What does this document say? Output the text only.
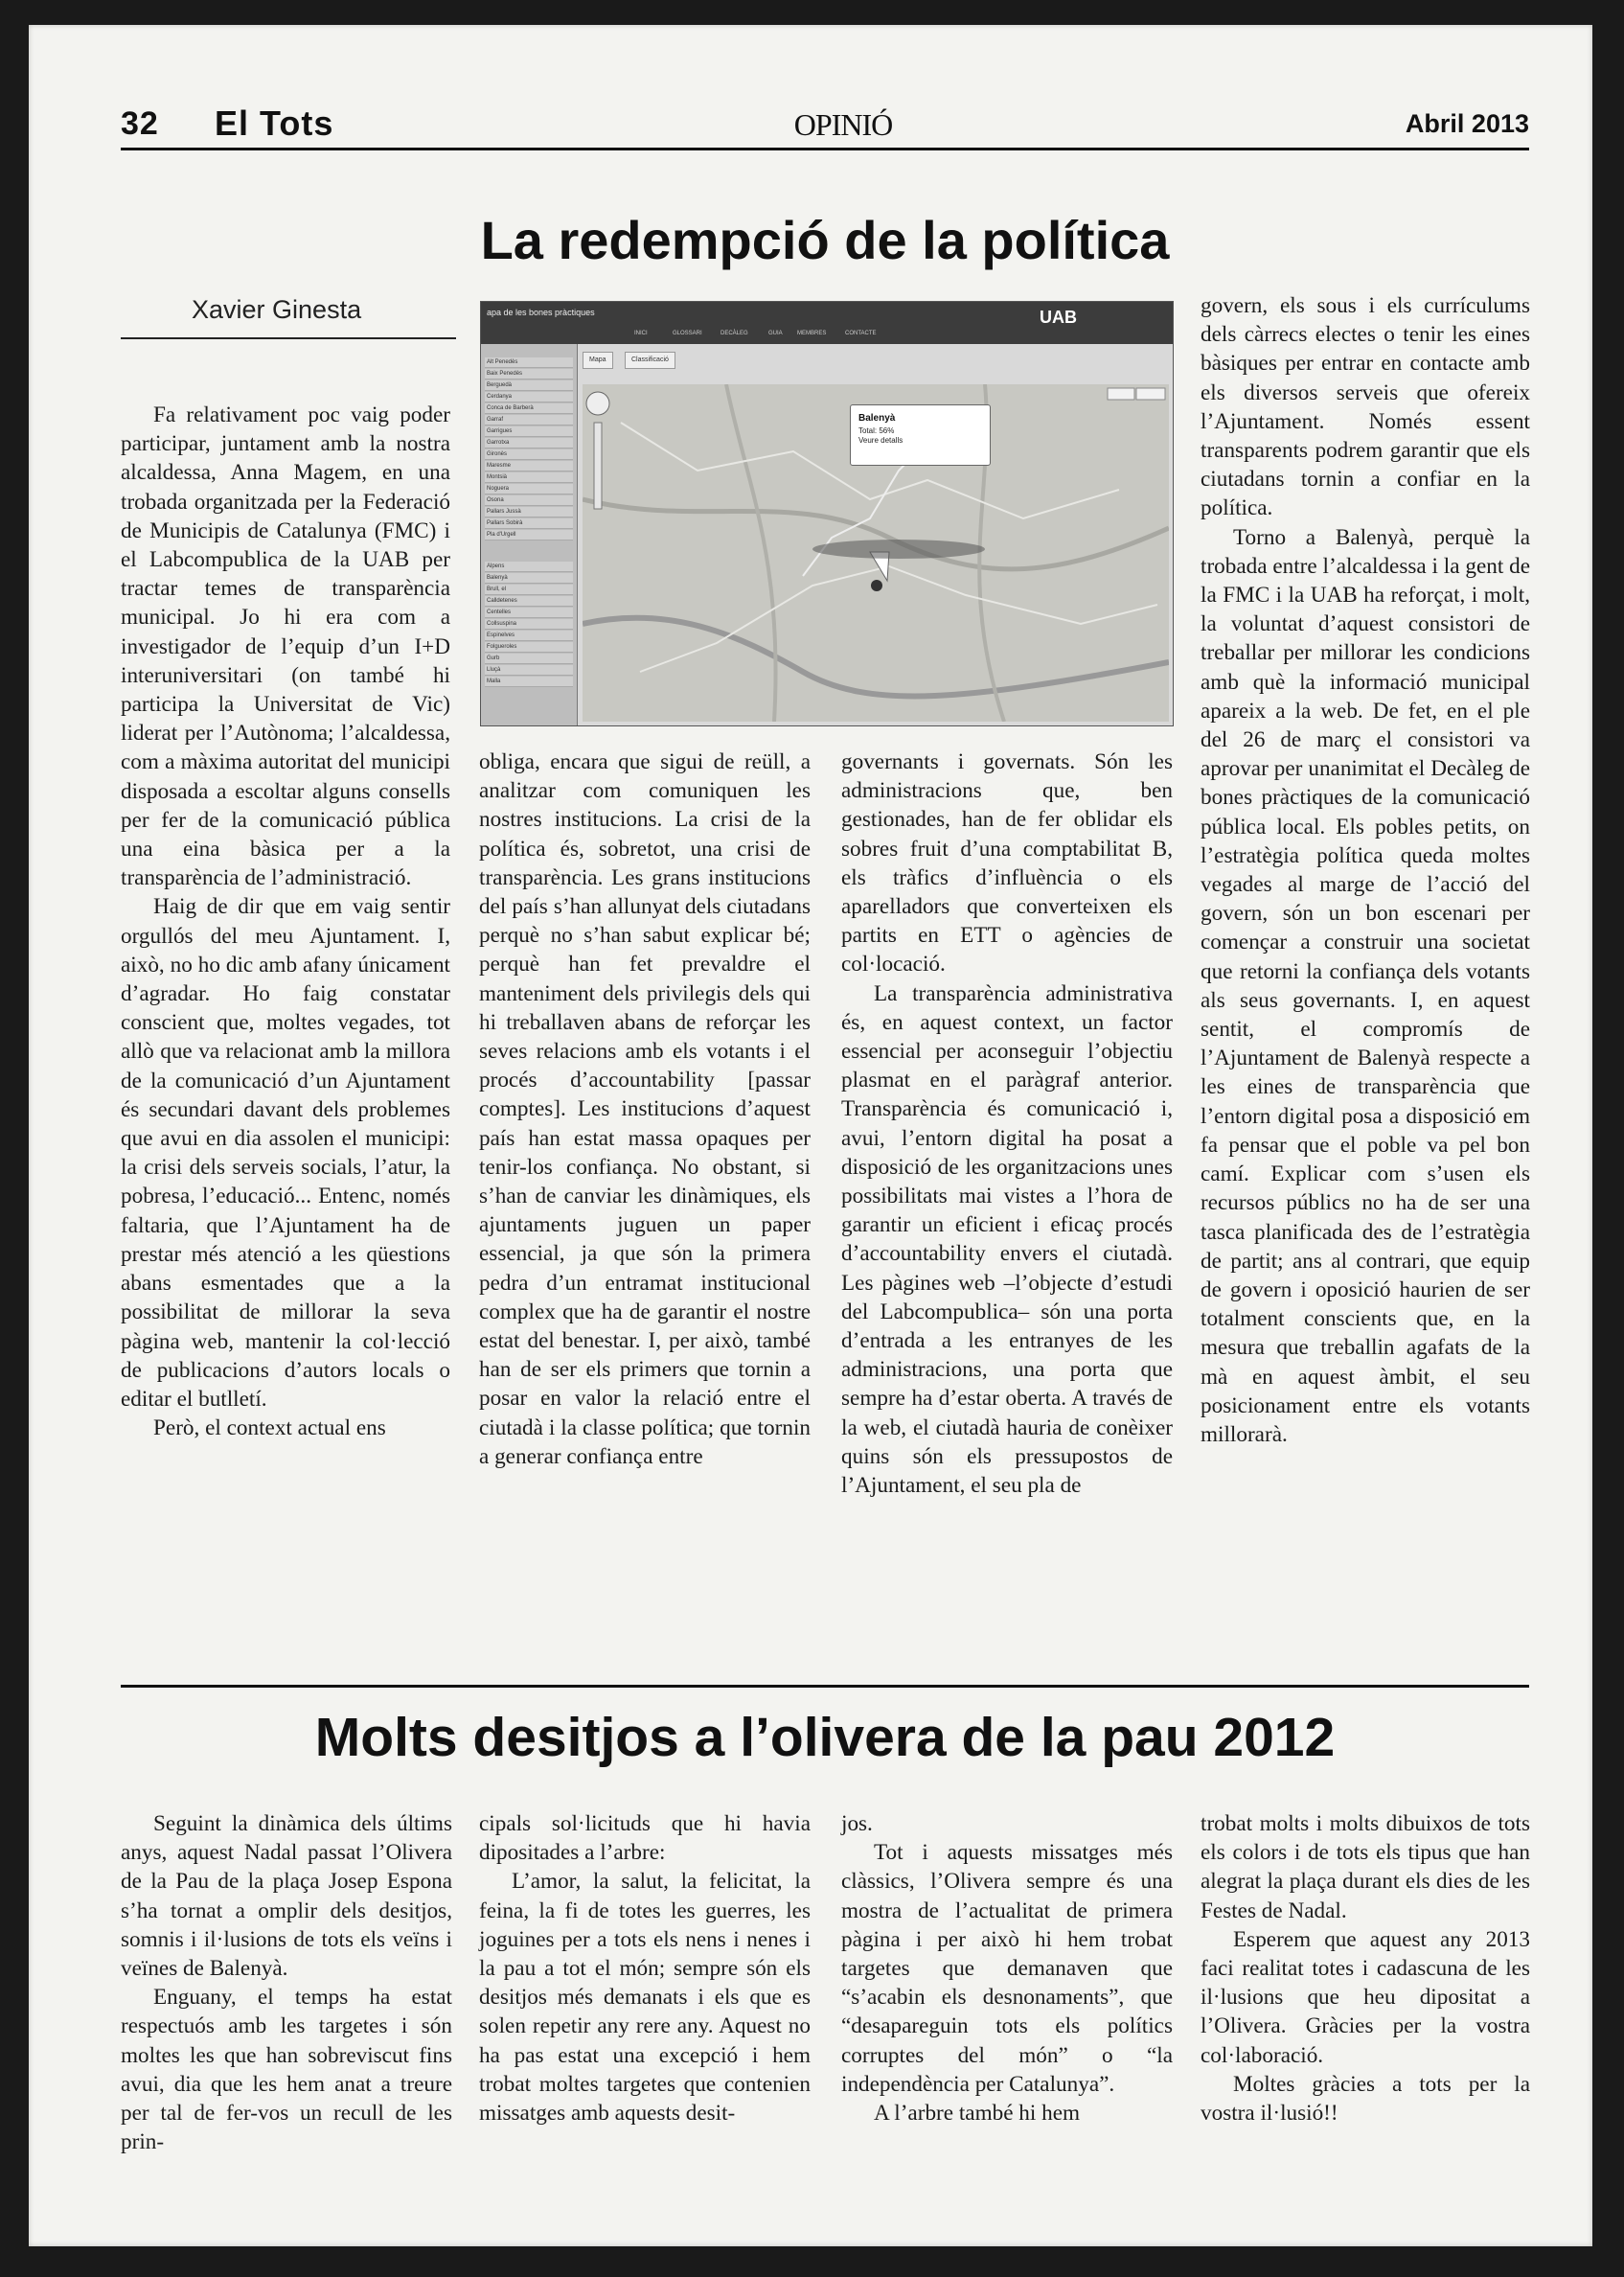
32 El Tots	OPINIÓ	Abril 2013
La redempció de la política
Xavier Ginesta

Fa relativament poc vaig poder participar, juntament amb la nostra alcaldessa, Anna Magem, en una trobada organitzada per la Federació de Municipis de Catalunya (FMC) i el Labcompublica de la UAB per tractar temes de transparència municipal. Jo hi era com a investigador de l’equip d’un I+D interuniversitari (on també hi participa la Universitat de Vic) liderat per l’Autònoma; l’alcaldessa, com a màxima autoritat del municipi disposada a escoltar alguns consells per fer de la comunicació pública una eina bàsica per a la transparència de l’administració.

Haig de dir que em vaig sentir orgullós del meu Ajuntament. I, això, no ho dic amb afany únicament d’agradar. Ho faig constatar conscient que, moltes vegades, tot allò que va relacionat amb la millora de la comunicació d’un Ajuntament és secundari davant dels problemes que avui en dia assolen el municipi: la crisi dels serveis socials, l’atur, la pobresa, l’educació... Entenc, només faltaria, que l’Ajuntament ha de prestar més atenció a les qüestions abans esmentades que a la possibilitat de millorar la seva pàgina web, mantenir la col·lecció de publicacions d’autors locals o editar el butlletí.

Però, el context actual ens

apa de les bones pràctiques	UAB
INICI	GLOSSARI	DECÀLEG	GUIA	MEMBRES	CONTACTE
Alt Penedès
Baix Penedès
Berguedà
Cerdanya
Conca de Barberà
Garraf
Garrigues
Garrotxa
Gironès
Maresme
Montsià
Noguera
Osona
Pallars Jussà
Pallars Sobirà
Pla d'Urgell
Alpens
Balenyà
Brull, el
Calldetenes
Centelles
Collsuspina
Espinelves
Folgueroles
Gurb
Lluçà
Malla
Mapa	Classificació
Balenyà
Total: 56%
Veure detalls

obliga, encara que sigui de reüll, a analitzar com comuniquen les nostres institucions. La crisi de la política és, sobretot, una crisi de transparència. Les grans institucions del país s’han allunyat dels ciutadans perquè no s’han sabut explicar bé; perquè han fet prevaldre el manteniment dels privilegis dels qui hi treballaven abans de reforçar les seves relacions amb els votants i el procés d’accountability [passar comptes]. Les institucions d’aquest país han estat massa opaques per tenir-los confiança. No obstant, si s’han de canviar les dinàmiques, els ajuntaments juguen un paper essencial, ja que són la primera pedra d’un entramat institucional complex que ha de garantir el nostre estat del benestar. I, per això, també han de ser els primers que tornin a posar en valor la relació entre el ciutadà i la classe política; que tornin a generar confiança entre

governants i governats. Són les administracions que, ben gestionades, han de fer oblidar els sobres fruit d’una comptabilitat B, els tràfics d’influència o els aparelladors que converteixen els partits en ETT o agències de col·locació.

La transparència administrativa és, en aquest context, un factor essencial per aconseguir l’objectiu plasmat en el paràgraf anterior. Transparència és comunicació i, avui, l’entorn digital ha posat a disposició de les organitzacions unes possibilitats mai vistes a l’hora de garantir un eficient i eficaç procés d’accountability envers el ciutadà. Les pàgines web –l’objecte d’estudi del Labcompublica– són una porta d’entrada a les entranyes de les administracions, una porta que sempre ha d’estar oberta. A través de la web, el ciutadà hauria de conèixer quins són els pressupostos de l’Ajuntament, el seu pla de

govern, els sous i els currículums dels càrrecs electes o tenir les eines bàsiques per entrar en contacte amb els diversos serveis que ofereix l’Ajuntament. Només essent transparents podrem garantir que els ciutadans tornin a confiar en la política.

Torno a Balenyà, perquè la trobada entre l’alcaldessa i la gent de la FMC i la UAB ha reforçat, i molt, la voluntat d’aquest consistori de treballar per millorar les condicions amb què la informació municipal apareix a la web. De fet, en el ple del 26 de març el consistori va aprovar per unanimitat el Decàleg de bones pràctiques de la comunicació pública local. Els pobles petits, on l’estratègia política queda moltes vegades al marge de l’acció del govern, són un bon escenari per començar a construir una societat que retorni la confiança dels votants als seus governants. I, en aquest sentit, el compromís de l’Ajuntament de Balenyà respecte a les eines de transparència que l’entorn digital posa a disposició em fa pensar que el poble va pel bon camí. Explicar com s’usen els recursos públics no ha de ser una tasca planificada des de l’estratègia de partit; ans al contrari, que equip de govern i oposició haurien de ser totalment conscients que, en la mesura que treballin agafats de la mà en aquest àmbit, el seu posicionament entre els votants millorarà.

Molts desitjos a l’olivera de la pau 2012

Seguint la dinàmica dels últims anys, aquest Nadal passat l’Olivera de la Pau de la plaça Josep Espona s’ha tornat a omplir dels desitjos, somnis i il·lusions de tots els veïns i veïnes de Balenyà.

Enguany, el temps ha estat respectuós amb les targetes i són moltes les que han sobreviscut fins avui, dia que les hem anat a treure per tal de fer-vos un recull de les prin-

cipals sol·licituds que hi havia dipositades a l’arbre:

L’amor, la salut, la felicitat, la feina, la fi de totes les guerres, les joguines per a tots els nens i nenes i la pau a tot el món; sempre són els desitjos més demanats i els que es solen repetir any rere any. Aquest no ha pas estat una excepció i hem trobat moltes targetes que contenien missatges amb aquests desit-

jos.

Tot i aquests missatges més clàssics, l’Olivera sempre és una mostra de l’actualitat de primera pàgina i per això hi hem trobat targetes que demanaven que “s’acabin els desnonaments”, que “desapareguin tots els polítics corruptes del món” o “la independència per Catalunya”.

A l’arbre també hi hem

trobat molts i molts dibuixos de tots els colors i de tots els tipus que han alegrat la plaça durant els dies de les Festes de Nadal.

Esperem que aquest any 2013 faci realitat totes i cadascuna de les il·lusions que heu dipositat a l’Olivera. Gràcies per la vostra col·laboració.

Moltes gràcies a tots per la vostra il·lusió!!
